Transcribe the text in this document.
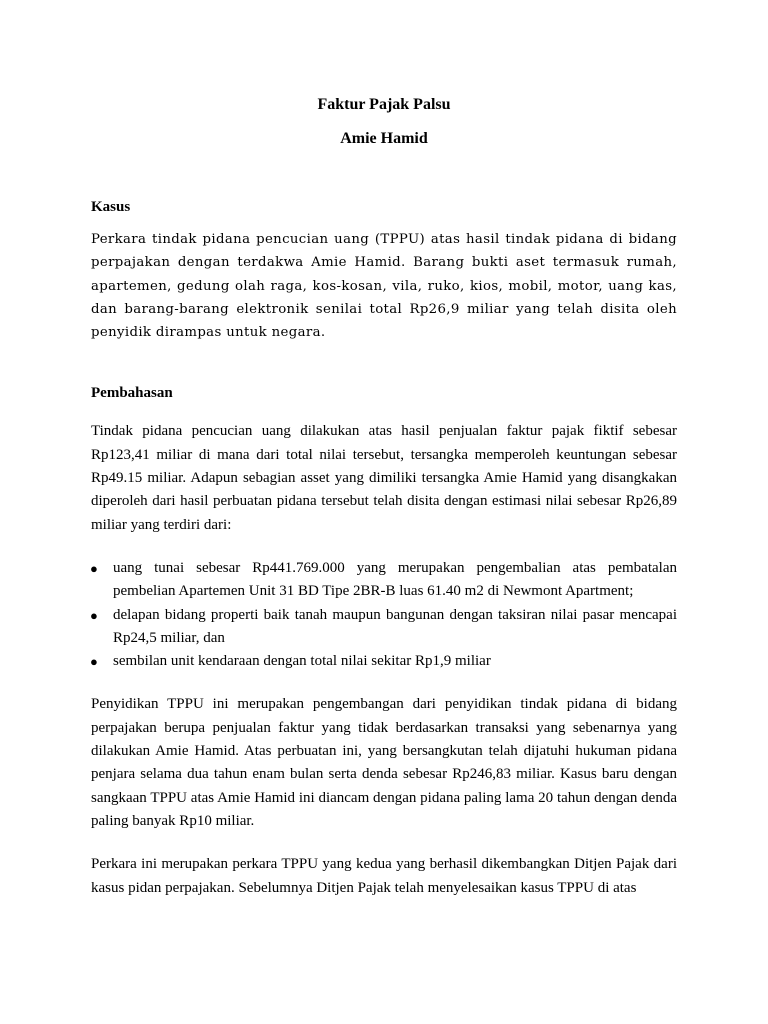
Faktur Pajak Palsu
Amie Hamid
Kasus

Perkara tindak pidana pencucian uang (TPPU) atas hasil tindak pidana di bidang perpajakan dengan terdakwa Amie Hamid. Barang bukti aset termasuk rumah, apartemen, gedung olah raga, kos-kosan, vila, ruko, kios, mobil, motor, uang kas, dan barang-barang elektronik senilai total Rp26,9 miliar yang telah disita oleh penyidik dirampas untuk negara.

Pembahasan

Tindak pidana pencucian uang dilakukan atas hasil penjualan faktur pajak fiktif sebesar Rp123,41 miliar di mana dari total nilai tersebut, tersangka memperoleh keuntungan sebesar Rp49.15 miliar. Adapun sebagian asset yang dimiliki tersangka Amie Hamid yang disangkakan diperoleh dari hasil perbuatan pidana tersebut telah disita dengan estimasi nilai sebesar Rp26,89 miliar yang terdiri dari:

● uang tunai sebesar Rp441.769.000 yang merupakan pengembalian atas pembatalan pembelian Apartemen Unit 31 BD Tipe 2BR-B luas 61.40 m2 di Newmont Apartment;
● delapan bidang properti baik tanah maupun bangunan dengan taksiran nilai pasar mencapai Rp24,5 miliar, dan
● sembilan unit kendaraan dengan total nilai sekitar Rp1,9 miliar

Penyidikan TPPU ini merupakan pengembangan dari penyidikan tindak pidana di bidang perpajakan berupa penjualan faktur yang tidak berdasarkan transaksi yang sebenarnya yang dilakukan Amie Hamid. Atas perbuatan ini, yang bersangkutan telah dijatuhi hukuman pidana penjara selama dua tahun enam bulan serta denda sebesar Rp246,83 miliar. Kasus baru dengan sangkaan TPPU atas Amie Hamid ini diancam dengan pidana paling lama 20 tahun dengan denda paling banyak Rp10 miliar.

Perkara ini merupakan perkara TPPU yang kedua yang berhasil dikembangkan Ditjen Pajak dari kasus pidan perpajakan. Sebelumnya Ditjen Pajak telah menyelesaikan kasus TPPU di atas
